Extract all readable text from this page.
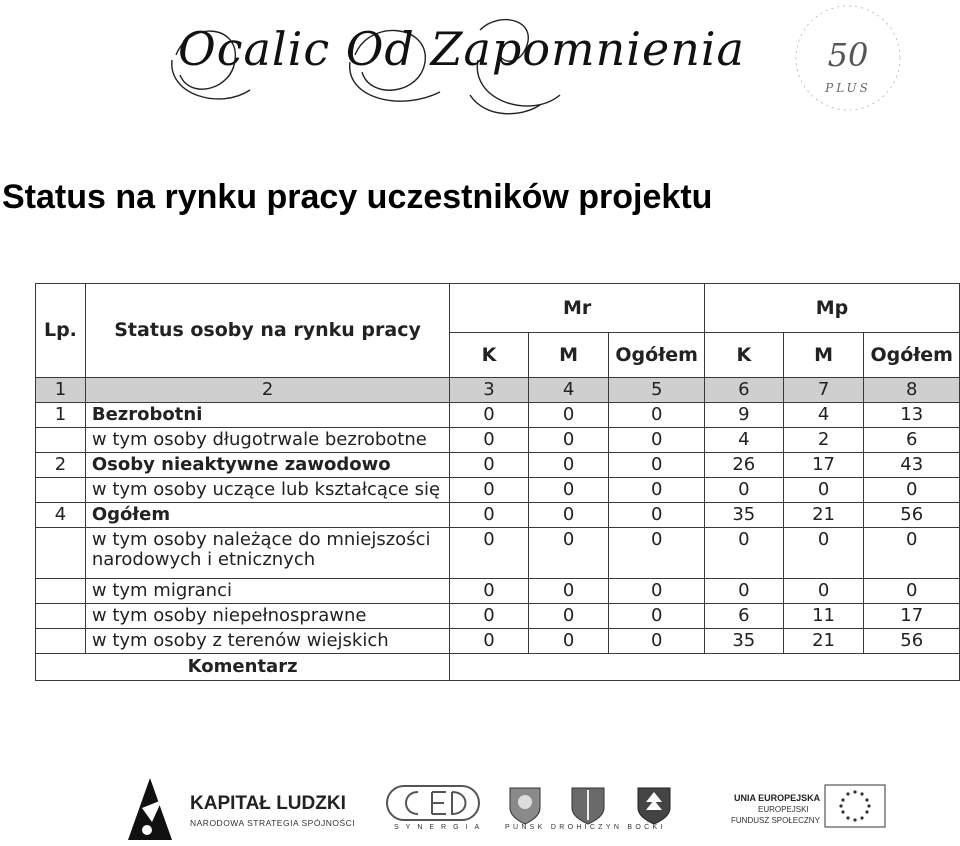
50
PLUS
Ocalic Od Zapomnienia
Status na rynku pracy uczestników projektu
Lp.	Status osoby na rynku pracy	Mr			Mp		
		K	M	Ogółem	K	M	Ogółem
1	2	3	4	5	6	7	8
1	Bezrobotni	0	0	0	9	4	13
	w tym osoby długotrwale bezrobotne	0	0	0	4	2	6
2	Osoby nieaktywne zawodowo	0	0	0	26	17	43
	w tym osoby uczące lub kształcące się	0	0	0	0	0	0
4	Ogółem	0	0	0	35	21	56
	w tym osoby należące do mniejszości narodowych i etnicznych	0	0	0	0	0	0
	w tym migranci	0	0	0	0	0	0
	w tym osoby niepełnosprawne	0	0	0	6	11	17
	w tym osoby z terenów wiejskich	0	0	0	35	21	56
Komentarz							
KAPITAŁ LUDZKI
NARODOWA STRATEGIA SPÓJNOŚCI	SYNERGIA	PUNSK DROHICZYN BOĆKI
UNIA EUROPEJSKA
EUROPEJSKI
FUNDUSZ SPOŁECZNY
